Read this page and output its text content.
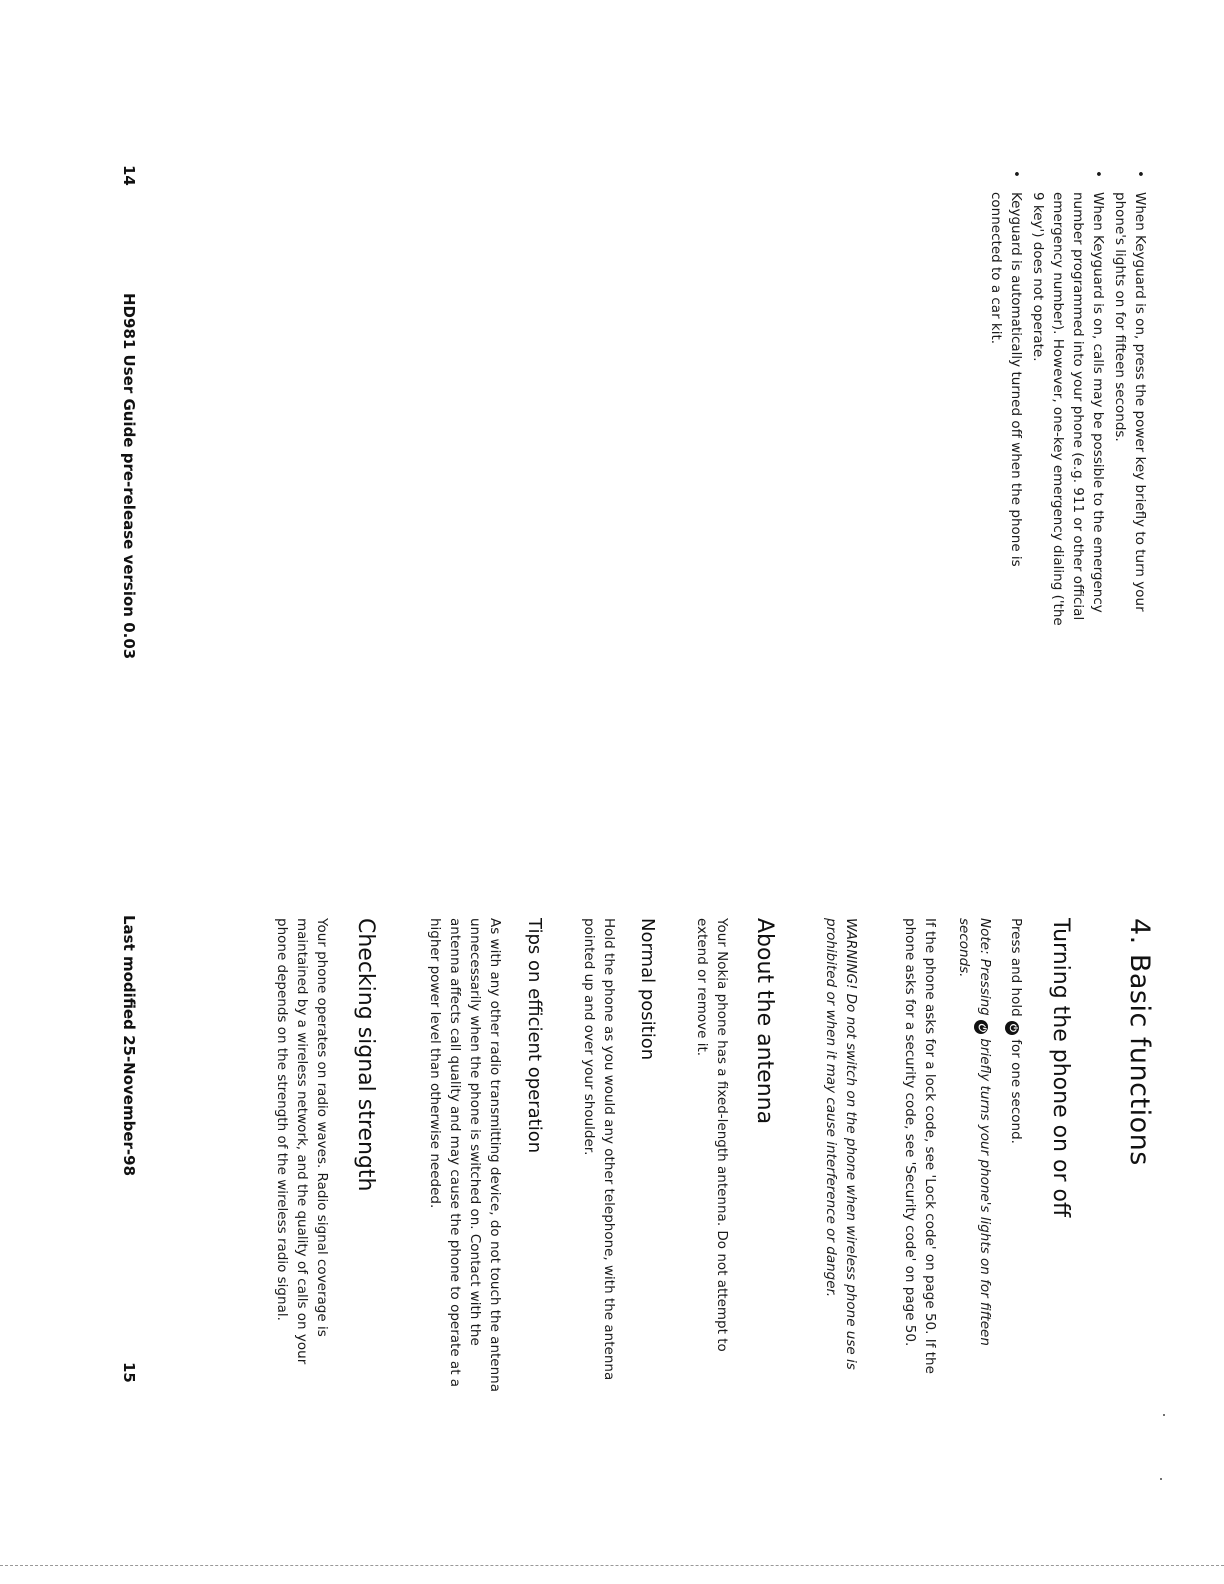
14
HD981 User Guide pre-release version 0.03
•	When Keyguard is on, press the power key briefly to turn your phone's lights on for fifteen seconds.
• When Keyguard is on, calls may be possible to the emergency number programmed into your phone (e.g. 911 or other official emergency number). However, one-key emergency dialing ('the 9 key') does not operate.
• Keyguard is automatically turned off when the phone is connected to a car kit.
Last modified 25-November-98
15
4. Basic functions
Turning the phone on or off
Press and hold ⏻ for one second.
Note: Pressing ⏻ briefly turns your phone's lights on for fifteen seconds.
If the phone asks for a lock code, see 'Lock code' on page 50. If the phone asks for a security code, see 'Security code' on page 50.
WARNING! Do not switch on the phone when wireless phone use is prohibited or when it may cause interference or danger.
About the antenna
Your Nokia phone has a fixed-length antenna. Do not attempt to extend or remove it.
Normal position
Hold the phone as you would any other telephone, with the antenna pointed up and over your shoulder.
Tips on efficient operation
As with any other radio transmitting device, do not touch the antenna unnecessarily when the phone is switched on. Contact with the antenna affects call quality and may cause the phone to operate at a higher power level than otherwise needed.
Checking signal strength
Your phone operates on radio waves. Radio signal coverage is maintained by a wireless network, and the quality of calls on your phone depends on the strength of the wireless radio signal.
